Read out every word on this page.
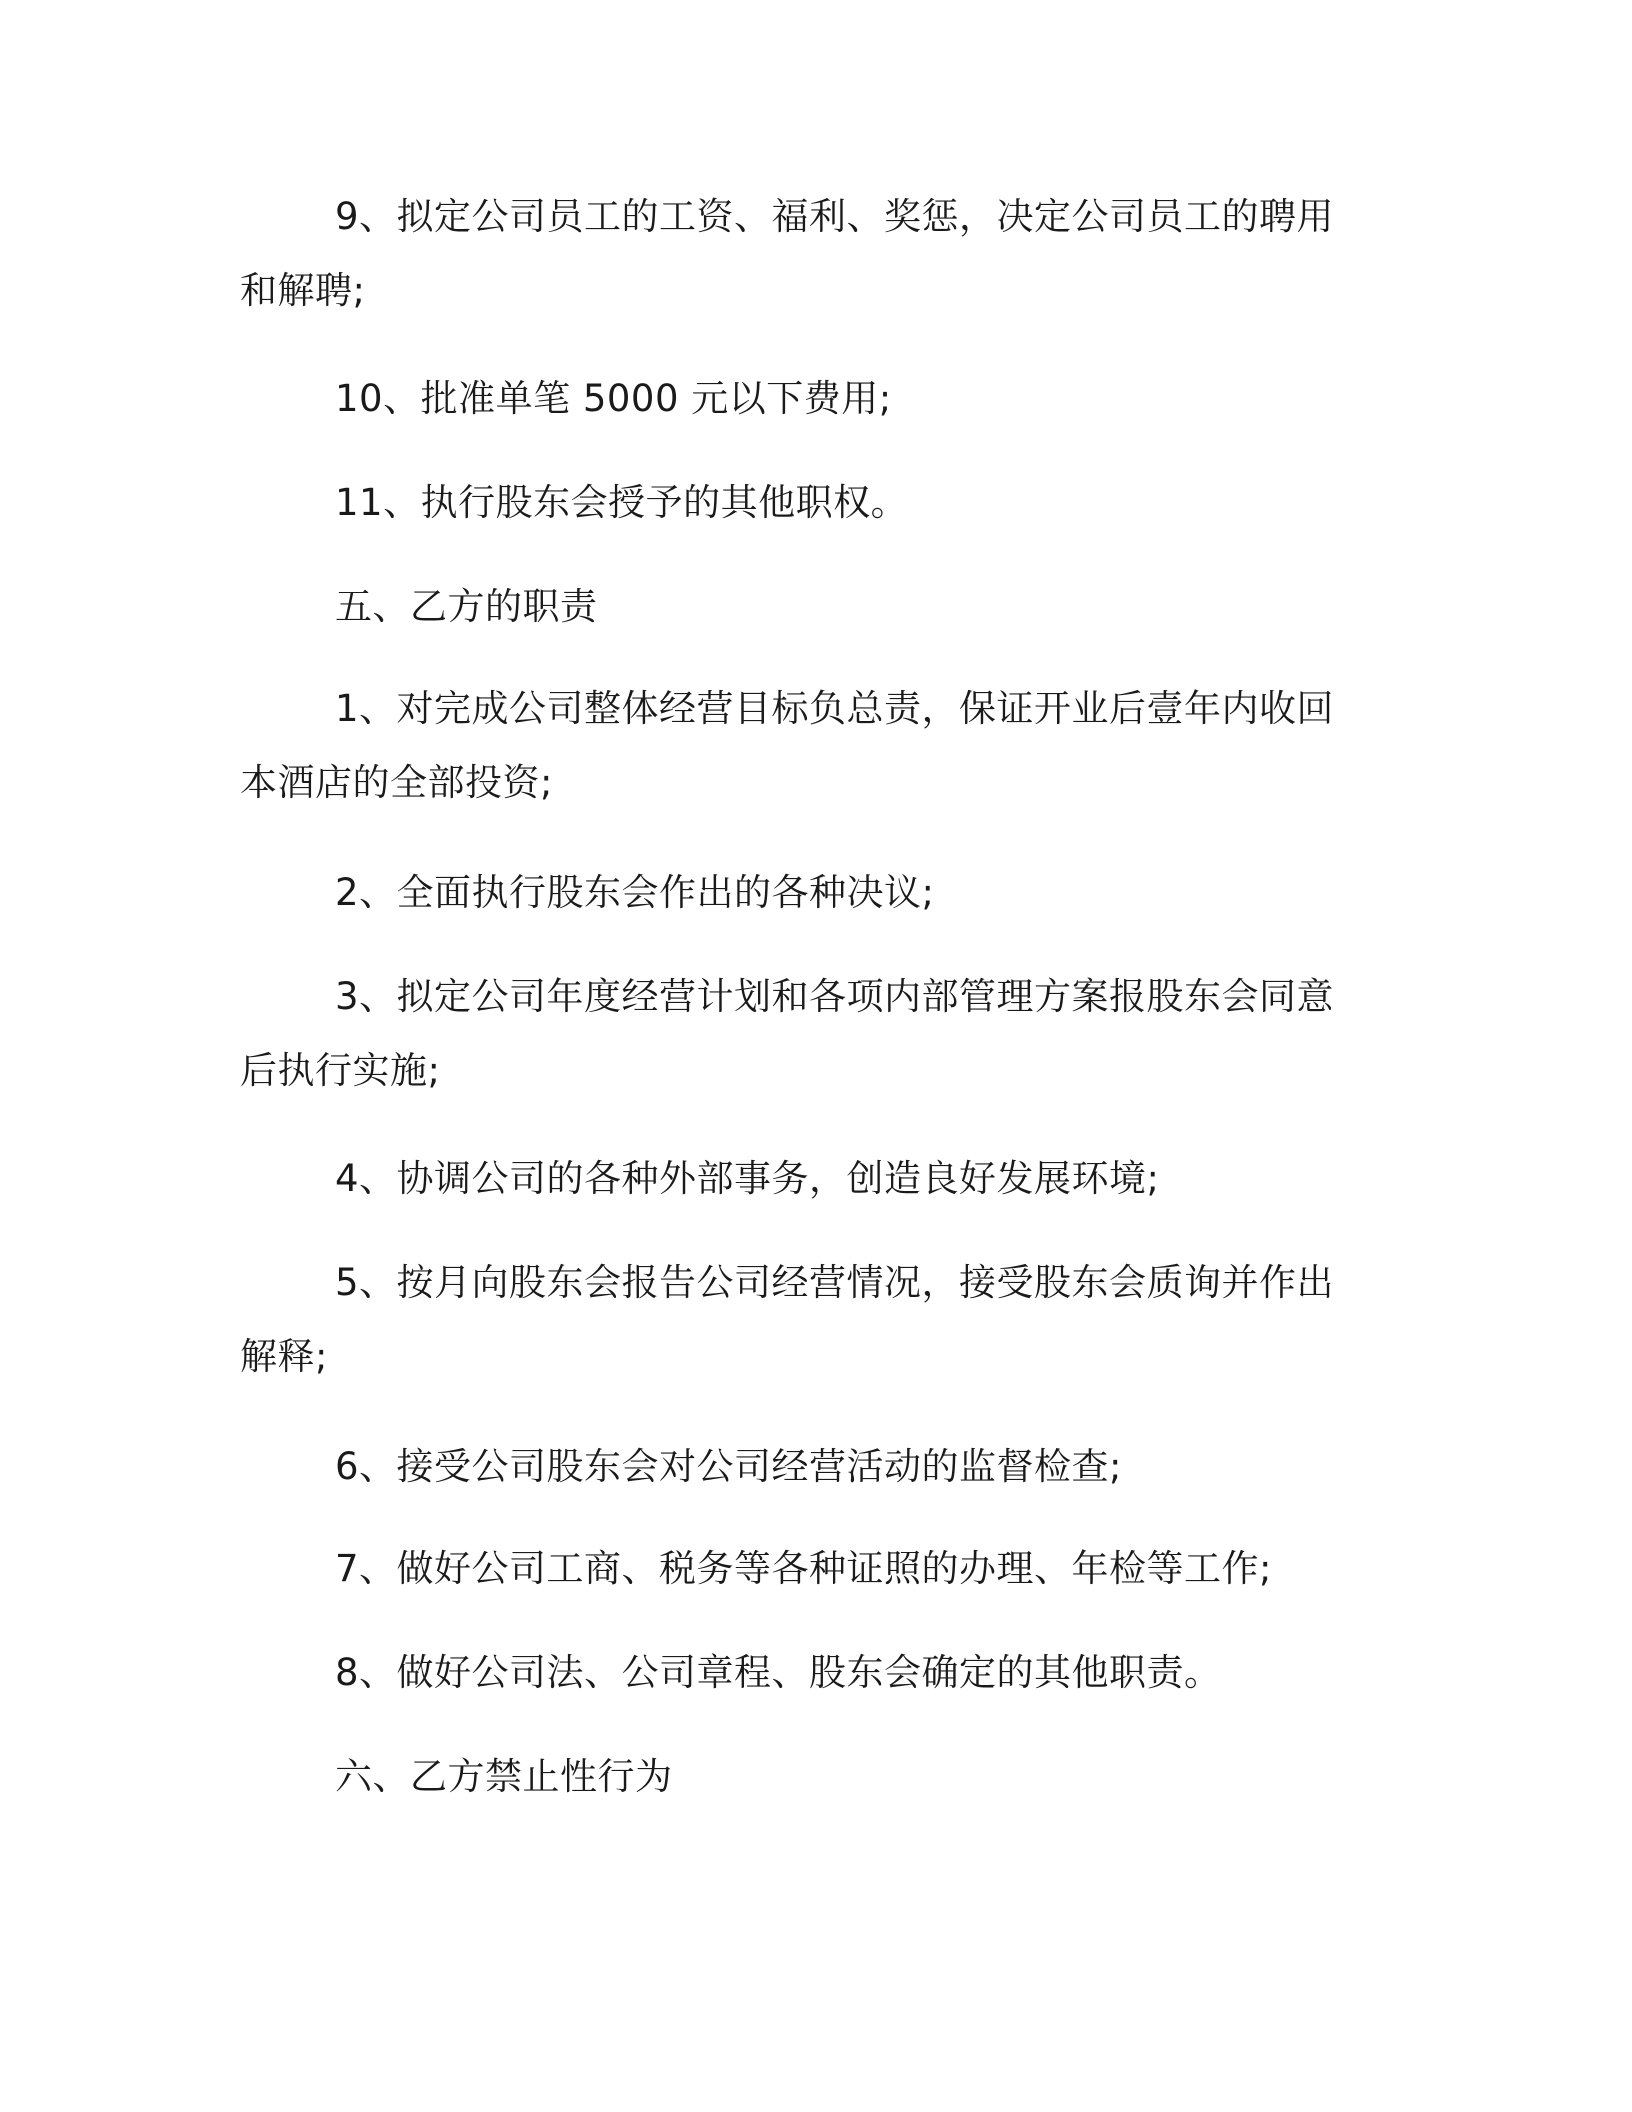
9、拟定公司员工的工资、福利、奖惩，决定公司员工的聘用和解聘;

10、批准单笔 5000 元以下费用;

11、执行股东会授予的其他职权。

五、乙方的职责

1、对完成公司整体经营目标负总责，保证开业后壹年内收回本酒店的全部投资;

2、全面执行股东会作出的各种决议;

3、拟定公司年度经营计划和各项内部管理方案报股东会同意后执行实施;

4、协调公司的各种外部事务，创造良好发展环境;

5、按月向股东会报告公司经营情况，接受股东会质询并作出解释;

6、接受公司股东会对公司经营活动的监督检查;

7、做好公司工商、税务等各种证照的办理、年检等工作;

8、做好公司法、公司章程、股东会确定的其他职责。

六、乙方禁止性行为
